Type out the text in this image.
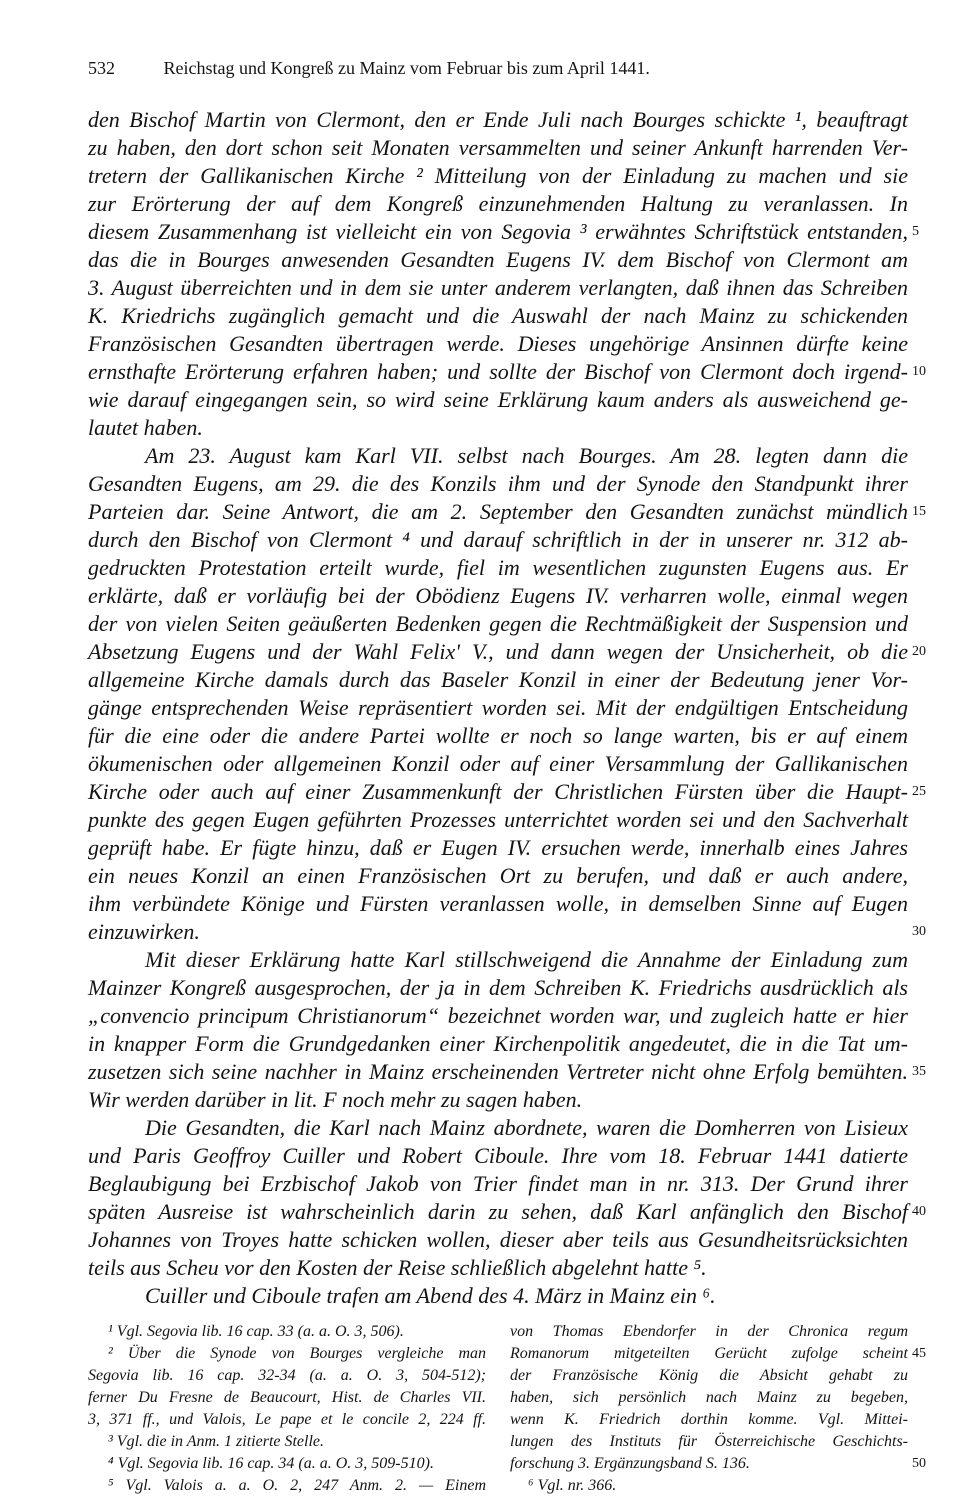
532	Reichstag und Kongreß zu Mainz vom Februar bis zum April 1441.
den Bischof Martin von Clermont, den er Ende Juli nach Bourges schickte ¹, beauftragt
zu haben, den dort schon seit Monaten versammelten und seiner Ankunft harrenden Ver-
tretern der Gallikanischen Kirche ² Mitteilung von der Einladung zu machen und sie
zur Erörterung der auf dem Kongreß einzunehmenden Haltung zu veranlassen. In
diesem Zusammenhang ist vielleicht ein von Segovia ³ erwähntes Schriftstück entstanden,
das die in Bourges anwesenden Gesandten Eugens IV. dem Bischof von Clermont am
3. August überreichten und in dem sie unter anderem verlangten, daß ihnen das Schreiben
K. Kriedrichs zugänglich gemacht und die Auswahl der nach Mainz zu schickenden
Französischen Gesandten übertragen werde. Dieses ungehörige Ansinnen dürfte keine
ernsthafte Erörterung erfahren haben; und sollte der Bischof von Clermont doch irgend-
wie darauf eingegangen sein, so wird seine Erklärung kaum anders als ausweichend ge-
lautet haben.
Am 23. August kam Karl VII. selbst nach Bourges. Am 28. legten dann die
Gesandten Eugens, am 29. die des Konzils ihm und der Synode den Standpunkt ihrer
Parteien dar. Seine Antwort, die am 2. September den Gesandten zunächst mündlich
durch den Bischof von Clermont ⁴ und darauf schriftlich in der in unserer nr. 312 ab-
gedruckten Protestation erteilt wurde, fiel im wesentlichen zugunsten Eugens aus. Er
erklärte, daß er vorläufig bei der Obödienz Eugens IV. verharren wolle, einmal wegen
der von vielen Seiten geäußerten Bedenken gegen die Rechtmäßigkeit der Suspension und
Absetzung Eugens und der Wahl Felix' V., und dann wegen der Unsicherheit, ob die
allgemeine Kirche damals durch das Baseler Konzil in einer der Bedeutung jener Vor-
gänge entsprechenden Weise repräsentiert worden sei. Mit der endgültigen Entscheidung
für die eine oder die andere Partei wollte er noch so lange warten, bis er auf einem
ökumenischen oder allgemeinen Konzil oder auf einer Versammlung der Gallikanischen
Kirche oder auch auf einer Zusammenkunft der Christlichen Fürsten über die Haupt-
punkte des gegen Eugen geführten Prozesses unterrichtet worden sei und den Sachverhalt
geprüft habe. Er fügte hinzu, daß er Eugen IV. ersuchen werde, innerhalb eines Jahres
ein neues Konzil an einen Französischen Ort zu berufen, und daß er auch andere,
ihm verbündete Könige und Fürsten veranlassen wolle, in demselben Sinne auf Eugen
einzuwirken.
Mit dieser Erklärung hatte Karl stillschweigend die Annahme der Einladung zum
Mainzer Kongreß ausgesprochen, der ja in dem Schreiben K. Friedrichs ausdrücklich als
„convencio principum Christianorum“ bezeichnet worden war, und zugleich hatte er hier
in knapper Form die Grundgedanken einer Kirchenpolitik angedeutet, die in die Tat um-
zusetzen sich seine nachher in Mainz erscheinenden Vertreter nicht ohne Erfolg bemühten.
Wir werden darüber in lit. F noch mehr zu sagen haben.
Die Gesandten, die Karl nach Mainz abordnete, waren die Domherren von Lisieux
und Paris Geoffroy Cuiller und Robert Ciboule. Ihre vom 18. Februar 1441 datierte
Beglaubigung bei Erzbischof Jakob von Trier findet man in nr. 313. Der Grund ihrer
späten Ausreise ist wahrscheinlich darin zu sehen, daß Karl anfänglich den Bischof
Johannes von Troyes hatte schicken wollen, dieser aber teils aus Gesundheitsrücksichten
teils aus Scheu vor den Kosten der Reise schließlich abgelehnt hatte ⁵.
Cuiller und Ciboule trafen am Abend des 4. März in Mainz ein ⁶.
5
10
15
20
25
30
35
40
¹ Vgl. Segovia lib. 16 cap. 33 (a. a. O. 3, 506).
² Über die Synode von Bourges vergleiche man
Segovia lib. 16 cap. 32-34 (a. a. O. 3, 504-512);
ferner Du Fresne de Beaucourt, Hist. de Charles VII.
3, 371 ff., und Valois, Le pape et le concile 2, 224 ff.
³ Vgl. die in Anm. 1 zitierte Stelle.
⁴ Vgl. Segovia lib. 16 cap. 34 (a. a. O. 3, 509-510).
⁵ Vgl. Valois a. a. O. 2, 247 Anm. 2. — Einem
von Thomas Ebendorfer in der Chronica regum
Romanorum mitgeteilten Gerücht zufolge scheint
der Französische König die Absicht gehabt zu
haben, sich persönlich nach Mainz zu begeben,
wenn K. Friedrich dorthin komme. Vgl. Mittei-
lungen des Instituts für Österreichische Geschichts-
forschung 3. Ergänzungsband S. 136.
⁶ Vgl. nr. 366.
45
50
